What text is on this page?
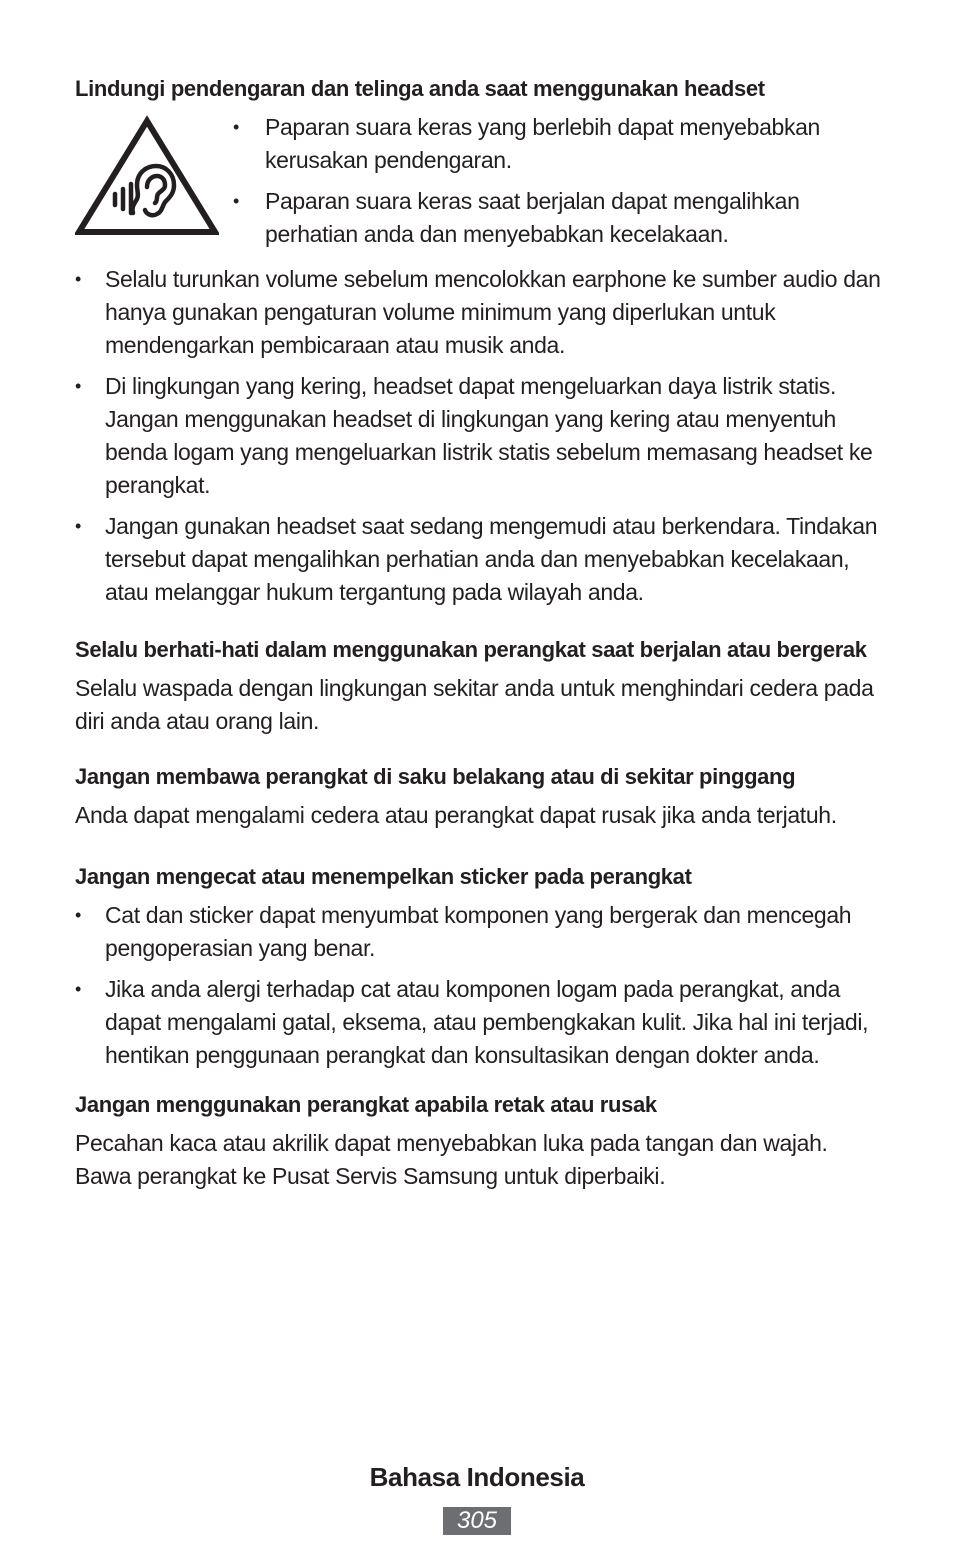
Lindungi pendengaran dan telinga anda saat menggunakan headset
• Paparan suara keras yang berlebih dapat menyebabkan kerusakan pendengaran.
• Paparan suara keras saat berjalan dapat mengalihkan perhatian anda dan menyebabkan kecelakaan.
• Selalu turunkan volume sebelum mencolokkan earphone ke sumber audio dan hanya gunakan pengaturan volume minimum yang diperlukan untuk mendengarkan pembicaraan atau musik anda.
• Di lingkungan yang kering, headset dapat mengeluarkan daya listrik statis. Jangan menggunakan headset di lingkungan yang kering atau menyentuh benda logam yang mengeluarkan listrik statis sebelum memasang headset ke perangkat.
• Jangan gunakan headset saat sedang mengemudi atau berkendara. Tindakan tersebut dapat mengalihkan perhatian anda dan menyebabkan kecelakaan, atau melanggar hukum tergantung pada wilayah anda.
Selalu berhati-hati dalam menggunakan perangkat saat berjalan atau bergerak

Selalu waspada dengan lingkungan sekitar anda untuk menghindari cedera pada diri anda atau orang lain.

Jangan membawa perangkat di saku belakang atau di sekitar pinggang

Anda dapat mengalami cedera atau perangkat dapat rusak jika anda terjatuh.

Jangan mengecat atau menempelkan sticker pada perangkat
• Cat dan sticker dapat menyumbat komponen yang bergerak dan mencegah pengoperasian yang benar.
• Jika anda alergi terhadap cat atau komponen logam pada perangkat, anda dapat mengalami gatal, eksema, atau pembengkakan kulit. Jika hal ini terjadi, hentikan penggunaan perangkat dan konsultasikan dengan dokter anda.
Jangan menggunakan perangkat apabila retak atau rusak

Pecahan kaca atau akrilik dapat menyebabkan luka pada tangan dan wajah. Bawa perangkat ke Pusat Servis Samsung untuk diperbaiki.

Bahasa Indonesia
305
